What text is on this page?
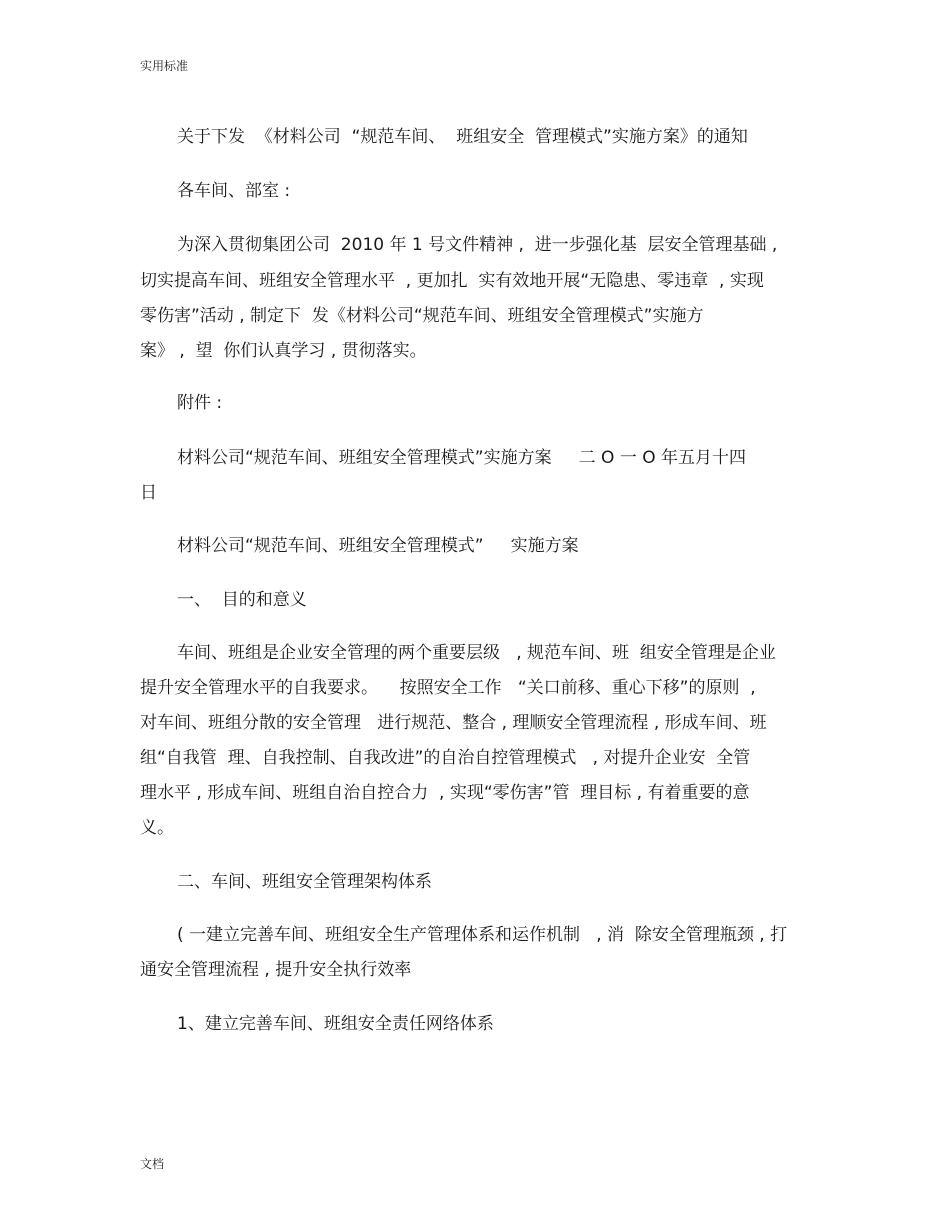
实用标准
关于下发  《材料公司  “规范车间、  班组安全  管理模式”实施方案》的通知
各车间、部室 :
为深入贯彻集团公司  2010 年 1 号文件精神 ,  进一步强化基  层安全管理基础 ,
切实提高车间、班组安全管理水平  , 更加扎  实有效地开展“无隐患、零违章  , 实现
零伤害”活动 , 制定下  发《材料公司“规范车间、班组安全管理模式”实施方
案》 ,  望  你们认真学习 , 贯彻落实。
附件 :
材料公司“规范车间、班组安全管理模式”实施方案     二 O 一 O 年五月十四
日
材料公司“规范车间、班组安全管理模式”     实施方案
一、  目的和意义
车间、班组是企业安全管理的两个重要层级   , 规范车间、班  组安全管理是企业
提升安全管理水平的自我要求。    按照安全工作   “关口前移、重心下移”的原则  ,
对车间、班组分散的安全管理   进行规范、整合 , 理顺安全管理流程 , 形成车间、班
组“自我管  理、自我控制、自我改进”的自治自控管理模式   , 对提升企业安  全管
理水平 , 形成车间、班组自治自控合力  , 实现“零伤害”管  理目标 , 有着重要的意
义。
二、车间、班组安全管理架构体系
( 一建立完善车间、班组安全生产管理体系和运作机制   , 消  除安全管理瓶颈 , 打
通安全管理流程 , 提升安全执行效率
1、建立完善车间、班组安全责任网络体系
文档
